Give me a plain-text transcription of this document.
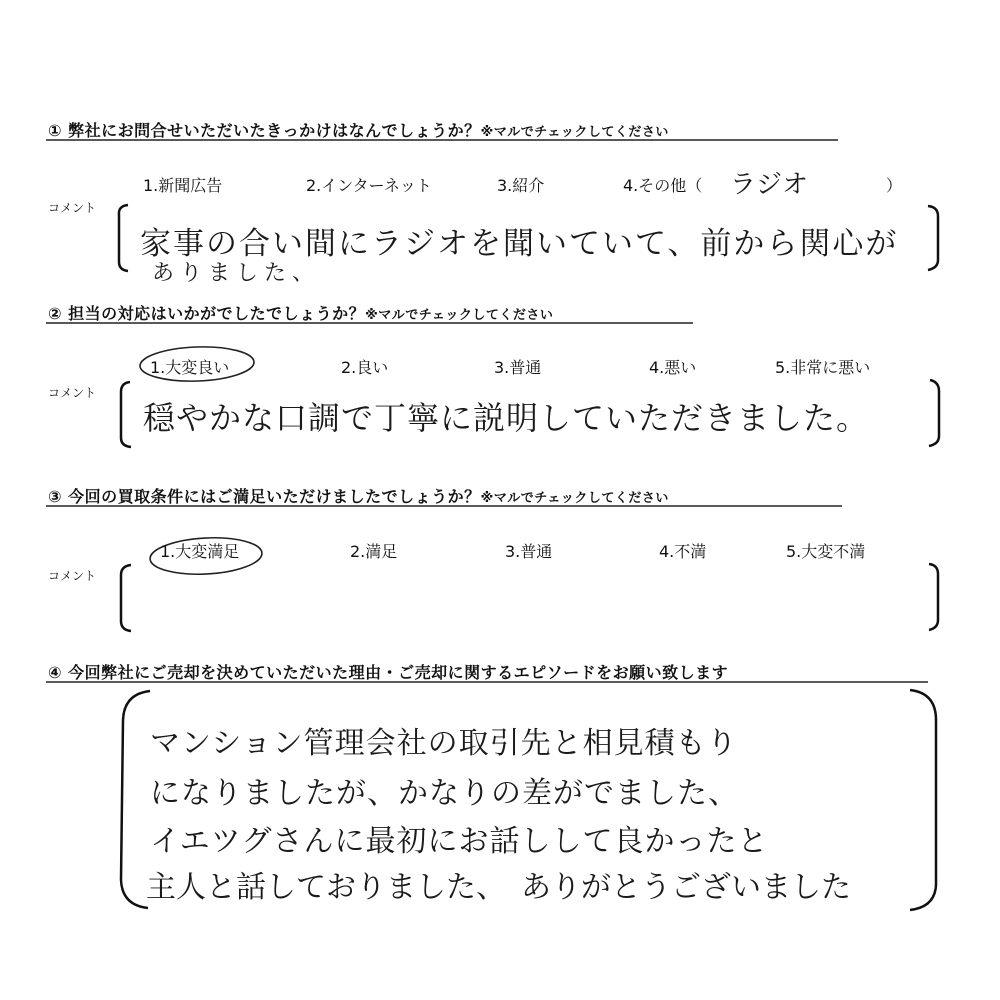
① 弊社にお問合せいただいたきっかけはなんでしょうか？※マルでチェックしてください
1.新聞広告	2.インターネット	3.紹介	4.その他（ ラジオ	）
コメント
家事の合い間にラジオを聞いていて、前から関心が
ありました、
② 担当の対応はいかがでしたでしょうか？※マルでチェックしてください
1.大変良い	2.良い	3.普通	4.悪い	5.非常に悪い
コメント
穏やかな口調で丁寧に説明していただきました。
③ 今回の買取条件にはご満足いただけましたでしょうか？※マルでチェックしてください
1.大変満足	2.満足	3.普通	4.不満	5.大変不満
コメント
④ 今回弊社にご売却を決めていただいた理由・ご売却に関するエピソードをお願い致します
マンション管理会社の取引先と相見積もり
になりましたが、かなりの差がでました、
イエツグさんに最初にお話しして良かったと
主人と話しておりました、　ありがとうございました
